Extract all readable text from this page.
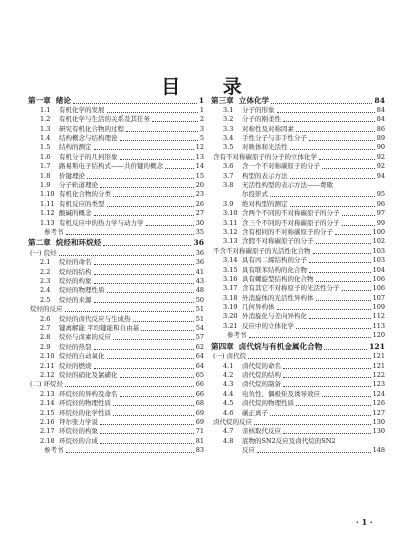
目 录
第一章 绪论	1
1.1	有机化学的发展	1
1.2	有机化学与生活的关系及其任务	2
1.3	研究有机化合物的过程	3
1.4	结构概念与结构理论	5
1.5	结构的测定	12
1.6	有机分子的几何形象	13
1.7	路易斯电子结构式——共价键的概念	14
1.8	价键理论	15
1.9	分子轨道理论	20
1.10 有机化合物的分类	23
1.11 有机反应的类型	26
1.12 酸碱的概念	27
1.13 有机反应中的热力学与动力学	30
参考书	35
第二章 烷烃和环烷烃	36
(一) 烷烃	36
2.1	烷烃的命名	36
2.2	烷烃的结构	41
2.3	烷烃的构象	43
2.4	烷烃的物理性质	48
2.5	烷烃的来源	50
烷烃的反应	51
2.6	烷烃的卤代反应与生成热	51
2.7	键离解能 平均键能和自由基	54
2.8	烷烃与卤素的反应	57
2.9	烷烃的热裂	62
2.10 烷烃的自动氧化	64
2.11 烷烃的燃烧	64
2.12 烷烃的硝化及氯磺化	65
(二) 环烷烃	66
2.13 环烷烃的异构及命名	66
2.14 环烷烃的物理性质	68
2.15 环烷烃的化学性质	69
2.16 拜尔张力学说	69
2.17 环烷烃的构象	71
2.18 环烷烃的合成	81
参考书	83
第三章 立体化学	84
3.1	分子的形象	84
3.2	分子的刚柔性	84
3.3	对称性及对称因素	86
3.4	手性分子与非手性分子	89
3.5	对映体和光活性	90
含有不对称碳原子的分子的立体化学	92
3.6	含一个不对称碳原子的分子	92
3.7	构型的表示方法	94
3.8	无活性构型的表示方法——费歇
尔投影式	95
3.9	绝对构型的测定	96
3.10 含两个不同的不对称碳原子的分子	97
3.11 含三个不同的不对称碳原子的分子	99
3.12 含有相同的不对称碳原子的分子	100
3.13 含假不对称碳原子的分子	102
不含不对称碳原子的光活性化合物	103
3.14 具有丙二烯结构的分子	103
3.15 具有联苯结构的化合物	104
3.16 具有螺旋型结构的化合物	106
3.17 含有其它不对称原子的光活性分子	106
3.18 外消旋体的光活性异构体	107
3.19 几何异构体	109
3.20 外消旋化与差向异构化	112
3.21 反应中的立体化学	113
参考书	120
第四章 卤代烷与有机金属化合物	121
(一) 卤代烷	121
4.1	卤代烷的命名	121
4.2	卤代烷的结构	122
4.3	卤代烷的制备	123
4.4	电负性、偶极矩及诱导效应	124
4.5	卤代烷的物理性质	126
4.6	碳正离子	127
卤代烷的反应	130
4.7	亲核取代反应	130
4.8	底物的SN2反应及卤代烷的SN2
反应	148
· 1 ·
